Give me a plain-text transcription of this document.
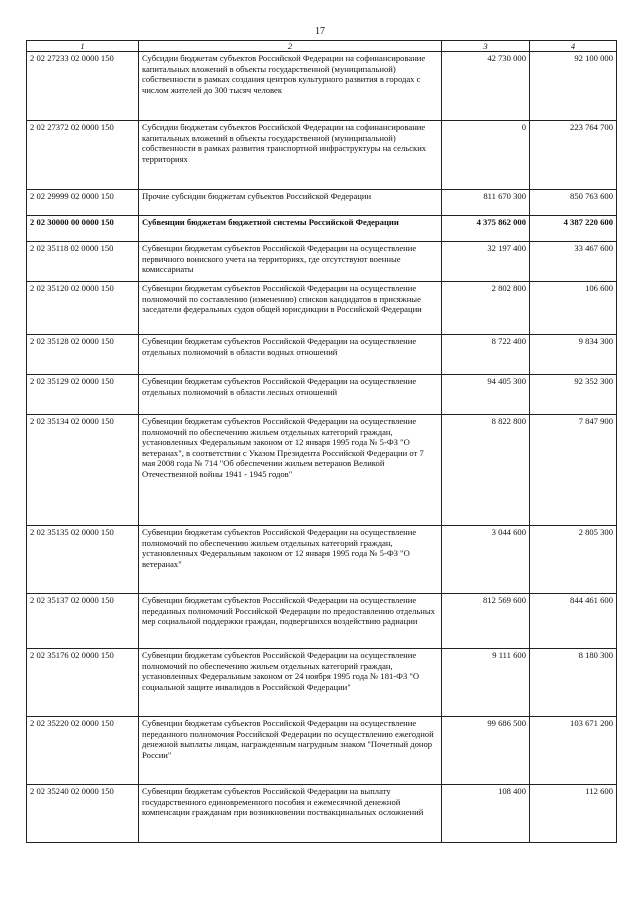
17
1	2	3	4
2 02 27233 02 0000 150	Субсидии бюджетам субъектов Российской Федерации на софинансирование капитальных вложений в объекты государственной (муниципальной) собственности в рамках создания центров культурного развития в городах с числом жителей до 300 тысяч человек	42 730 000	92 100 000
2 02 27372 02 0000 150	Субсидии бюджетам субъектов Российской Федерации на софинансирование капитальных вложений в объекты государственной (муниципальной) собственности в рамках развития транспортной инфраструктуры на сельских территориях	0	223 764 700
2 02 29999 02 0000 150	Прочие субсидии бюджетам субъектов Российской Федерации	811 670 300	850 763 600
2 02 30000 00 0000 150	Субвенции бюджетам бюджетной системы Российской Федерации	4 375 862 000	4 387 220 600
2 02 35118 02 0000 150	Субвенции бюджетам субъектов Российской Федерации на осуществление первичного воинского учета на территориях, где отсутствуют военные комиссариаты	32 197 400	33 467 600
2 02 35120 02 0000 150	Субвенции бюджетам субъектов Российской Федерации на осуществление полномочий по составлению (изменению) списков кандидатов в присяжные заседатели федеральных судов общей юрисдикции в Российской Федерации	2 802 800	106 600
2 02 35128 02 0000 150	Субвенции бюджетам субъектов Российской Федерации на осуществление отдельных полномочий в области водных отношений	8 722 400	9 834 300
2 02 35129 02 0000 150	Субвенции бюджетам субъектов Российской Федерации на осуществление отдельных полномочий в области лесных отношений	94 405 300	92 352 300
2 02 35134 02 0000 150	Субвенции бюджетам субъектов Российской Федерации на осуществление полномочий по обеспечению жильем отдельных категорий граждан, установленных Федеральным законом от 12 января 1995 года № 5-ФЗ "О ветеранах", в соответствии с Указом Президента Российской Федерации от 7 мая 2008 года № 714 "Об обеспечении жильем ветеранов Великой Отечественной войны 1941 - 1945 годов"	8 822 800	7 847 900
2 02 35135 02 0000 150	Субвенции бюджетам субъектов Российской Федерации на осуществление полномочий по обеспечению жильем отдельных категорий граждан, установленных Федеральным законом от 12 января 1995 года № 5-ФЗ "О ветеранах"	3 044 600	2 805 300
2 02 35137 02 0000 150	Субвенции бюджетам субъектов Российской Федерации на осуществление переданных полномочий Российской Федерации по предоставлению отдельных мер социальной поддержки граждан, подвергшихся воздействию радиации	812 569 600	844 461 600
2 02 35176 02 0000 150	Субвенции бюджетам субъектов Российской Федерации на осуществление полномочий по обеспечению жильем отдельных категорий граждан, установленных Федеральным законом от 24 ноября 1995 года № 181-ФЗ "О социальной защите инвалидов в Российской Федерации"	9 111 600	8 180 300
2 02 35220 02 0000 150	Субвенции бюджетам субъектов Российской Федерации на осуществление переданного полномочия Российской Федерации по осуществлению ежегодной денежной выплаты лицам, награжденным нагрудным знаком "Почетный донор России"	99 686 500	103 671 200
2 02 35240 02 0000 150	Субвенции бюджетам субъектов Российской Федерации на выплату государственного единовременного пособия и ежемесячной денежной компенсации гражданам при возникновении поствакцинальных осложнений	108 400	112 600
